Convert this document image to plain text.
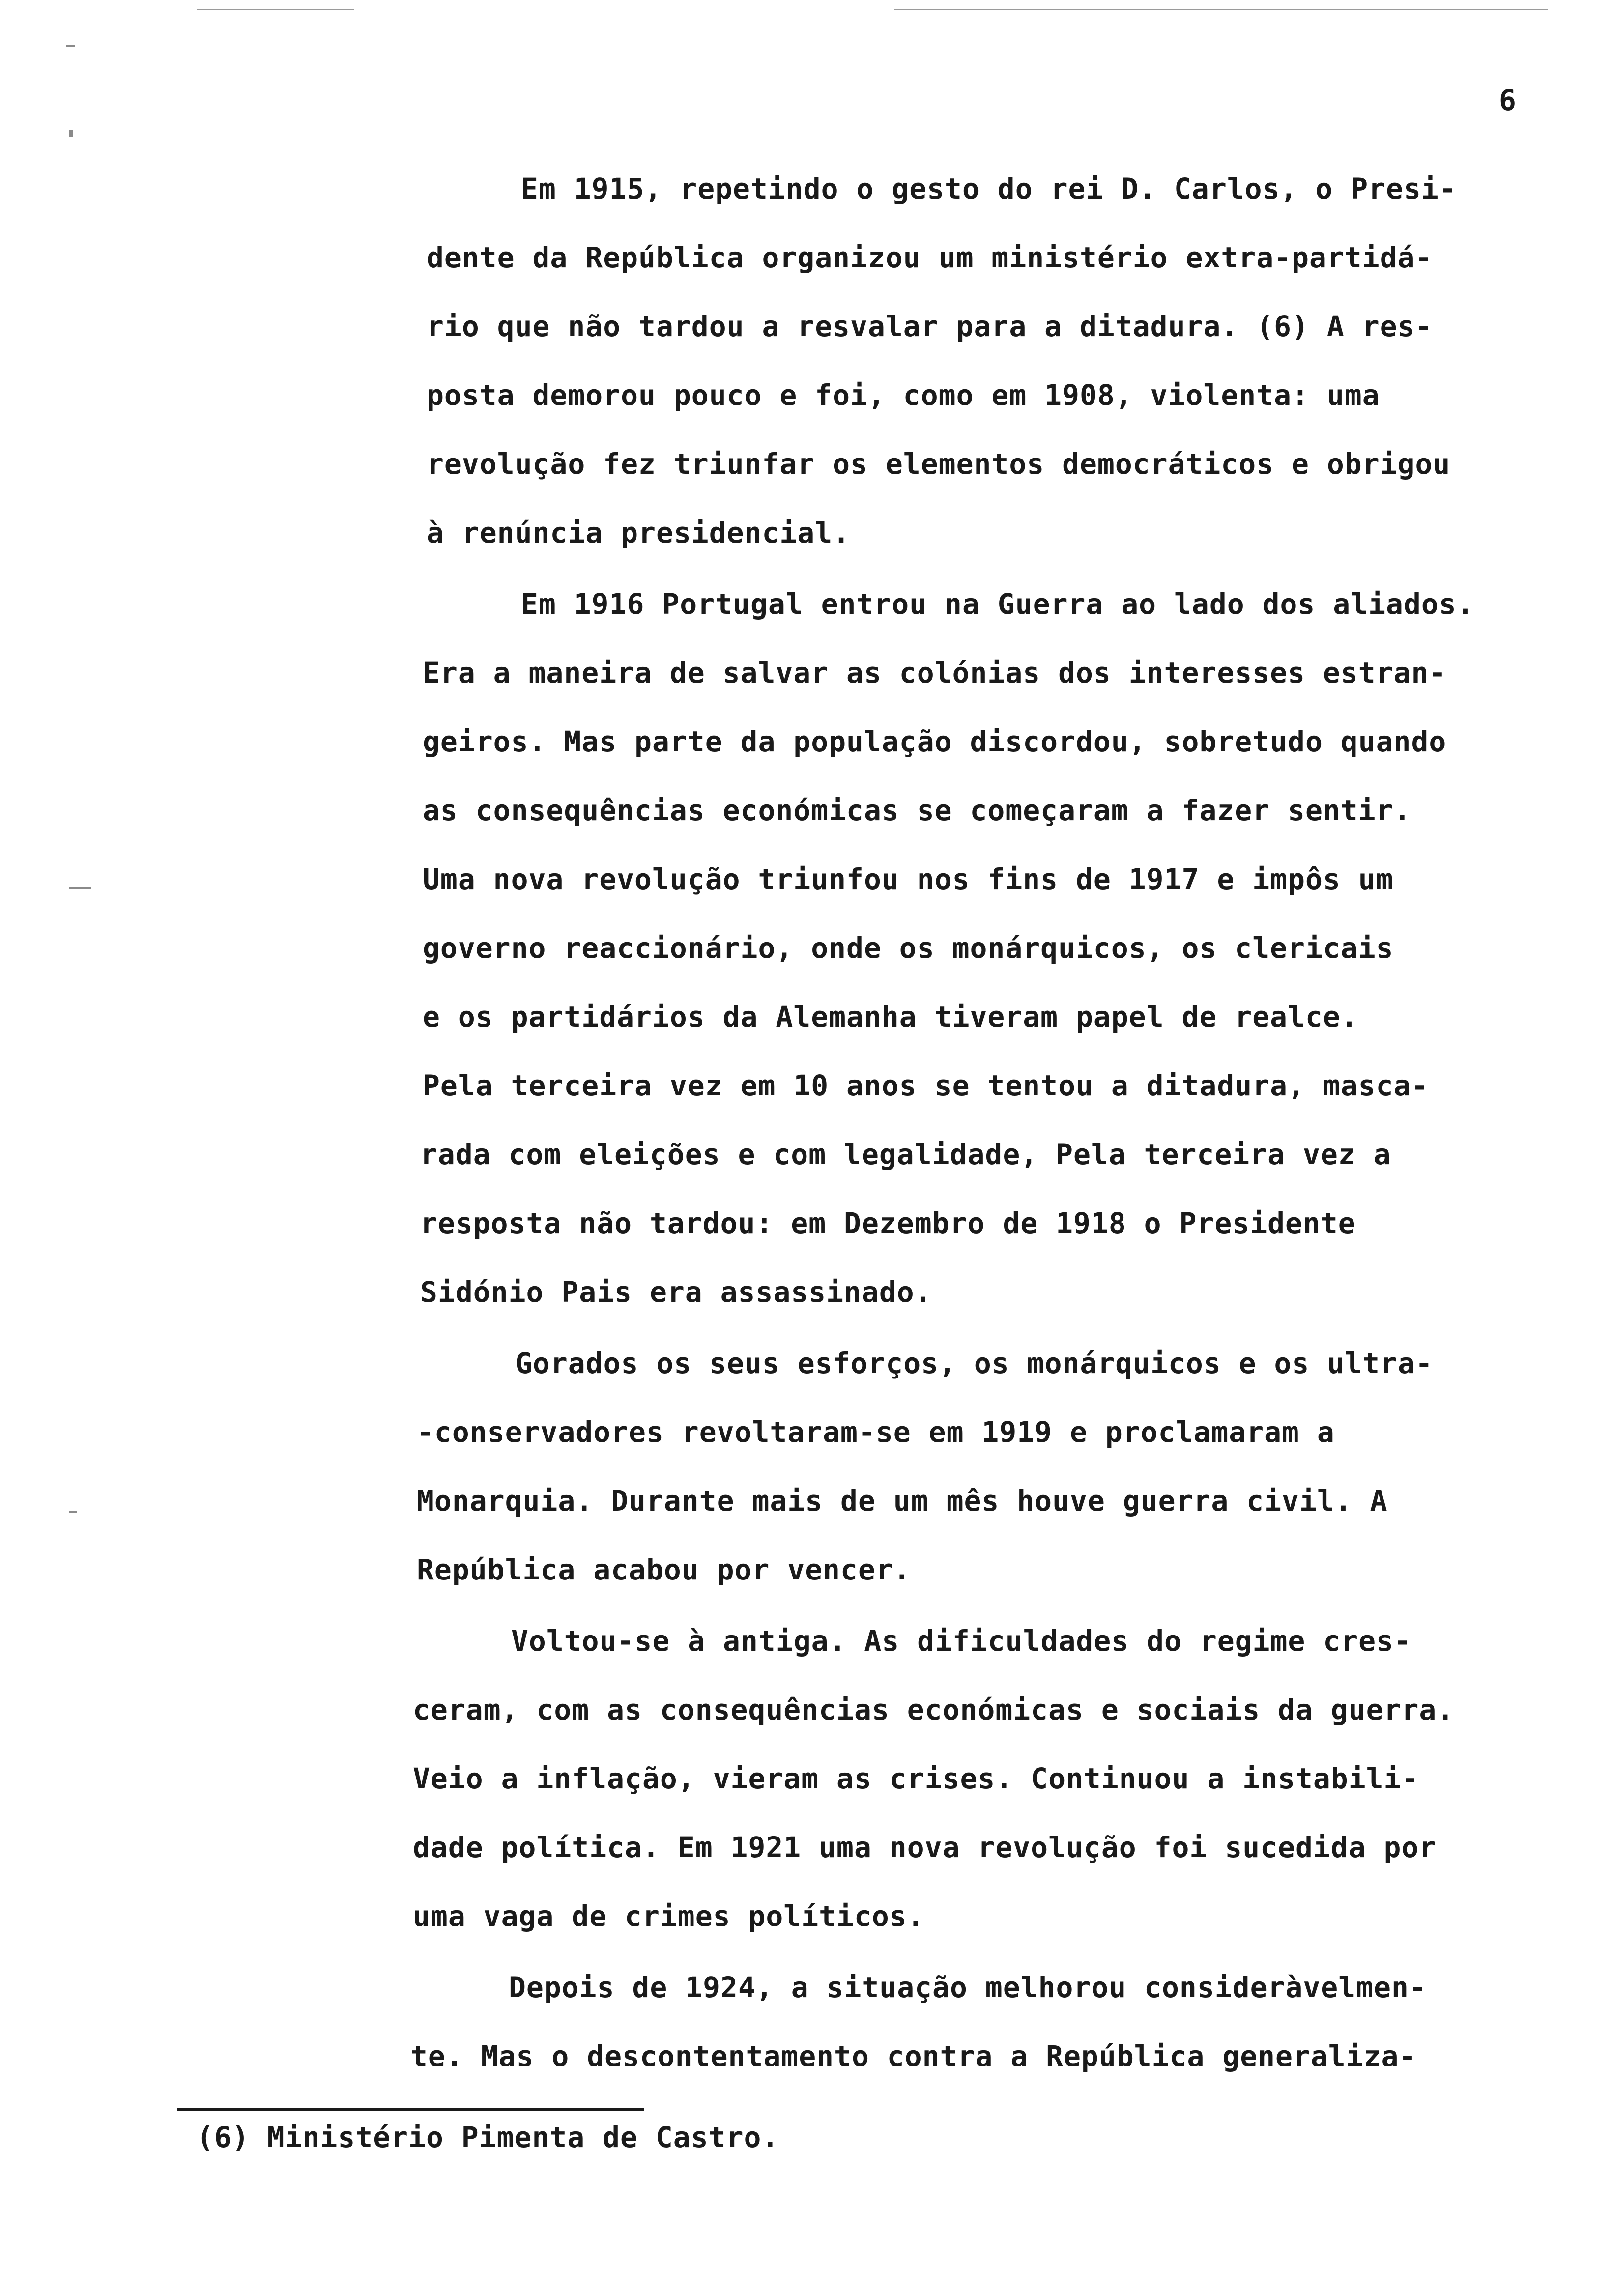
6
Em 1915, repetindo o gesto do rei D. Carlos, o Presi-
dente da República organizou um ministério extra-partidá-
rio que não tardou a resvalar para a ditadura. (6) A res-
posta demorou pouco e foi, como em 1908, violenta: uma
revolução fez triunfar os elementos democráticos e obrigou
à renúncia presidencial.
Em 1916 Portugal entrou na Guerra ao lado dos aliados.
Era a maneira de salvar as colónias dos interesses estran-
geiros. Mas parte da população discordou, sobretudo quando
as consequências económicas se começaram a fazer sentir.
Uma nova revolução triunfou nos fins de 1917 e impôs um
governo reaccionário, onde os monárquicos, os clericais
e os partidários da Alemanha tiveram papel de realce.
Pela terceira vez em 10 anos se tentou a ditadura, masca-
rada com eleições e com legalidade, Pela terceira vez a
resposta não tardou: em Dezembro de 1918 o Presidente
Sidónio Pais era assassinado.
Gorados os seus esforços, os monárquicos e os ultra-
-conservadores revoltaram-se em 1919 e proclamaram a
Monarquia. Durante mais de um mês houve guerra civil. A
República acabou por vencer.
Voltou-se à antiga. As dificuldades do regime cres-
ceram, com as consequências económicas e sociais da guerra.
Veio a inflação, vieram as crises. Continuou a instabili-
dade política. Em 1921 uma nova revolução foi sucedida por
uma vaga de crimes políticos.
Depois de 1924, a situação melhorou consideràvelmen-
te. Mas o descontentamento contra a República generaliza-
(6) Ministério Pimenta de Castro.
